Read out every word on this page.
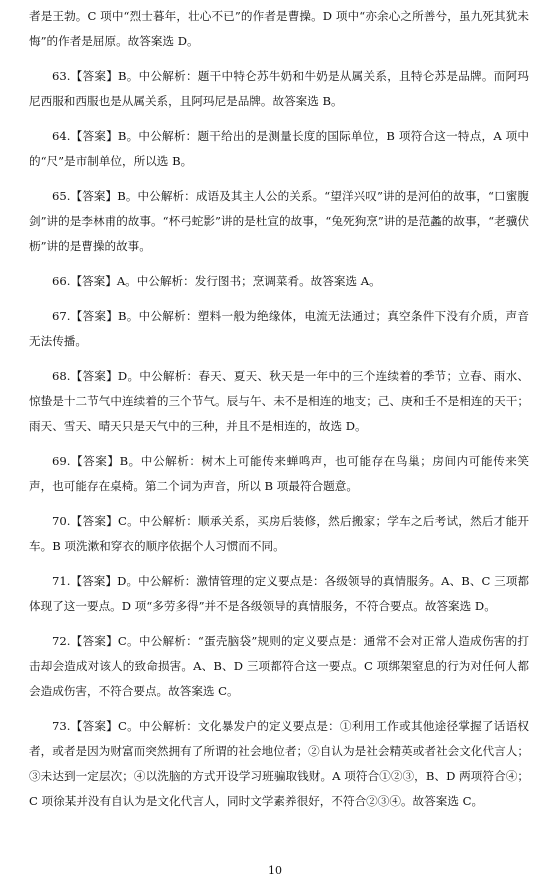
者是王勃。C 项中“烈士暮年，壮心不已”的作者是曹操。D 项中“亦余心之所善兮，虽九死其犹未悔”的作者是屈原。故答案选 D。

63.【答案】B。中公解析：题干中特仑苏牛奶和牛奶是从属关系，且特仑苏是品牌。而阿玛尼西服和西服也是从属关系，且阿玛尼是品牌。故答案选 B。

64.【答案】B。中公解析：题干给出的是测量长度的国际单位，B 项符合这一特点，A 项中的“尺”是市制单位，所以选 B。

65.【答案】B。中公解析：成语及其主人公的关系。“望洋兴叹”讲的是河伯的故事，“口蜜腹剑”讲的是李林甫的故事。“杯弓蛇影”讲的是杜宣的故事，“兔死狗烹”讲的是范蠡的故事，“老骥伏枥”讲的是曹操的故事。

66.【答案】A。中公解析：发行图书；烹调菜肴。故答案选 A。

67.【答案】B。中公解析：塑料一般为绝缘体，电流无法通过；真空条件下没有介质，声音无法传播。

68.【答案】D。中公解析：春天、夏天、秋天是一年中的三个连续着的季节；立春、雨水、惊蛰是十二节气中连续着的三个节气。辰与午、未不是相连的地支；己、庚和壬不是相连的天干；雨天、雪天、晴天只是天气中的三种，并且不是相连的，故选 D。

69.【答案】B。中公解析：树木上可能传来蝉鸣声，也可能存在鸟巢；房间内可能传来笑声，也可能存在桌椅。第二个词为声音，所以 B 项最符合题意。

70.【答案】C。中公解析：顺承关系，买房后装修，然后搬家；学车之后考试，然后才能开车。B 项洗漱和穿衣的顺序依据个人习惯而不同。

71.【答案】D。中公解析：激情管理的定义要点是：各级领导的真情服务。A、B、C 三项都体现了这一要点。D 项“多劳多得”并不是各级领导的真情服务，不符合要点。故答案选 D。

72.【答案】C。中公解析：“蛋壳脑袋”规则的定义要点是：通常不会对正常人造成伤害的打击却会造成对该人的致命损害。A、B、D 三项都符合这一要点。C 项绑架窒息的行为对任何人都会造成伤害，不符合要点。故答案选 C。

73.【答案】C。中公解析：文化暴发户的定义要点是：①利用工作或其他途径掌握了话语权者，或者是因为财富而突然拥有了所谓的社会地位者；②自认为是社会精英或者社会文化代言人；③未达到一定层次；④以洗脑的方式开设学习班骗取钱财。A 项符合①②③，B、D 两项符合④；C 项徐某并没有自认为是文化代言人，同时文学素养很好，不符合②③④。故答案选 C。

10
